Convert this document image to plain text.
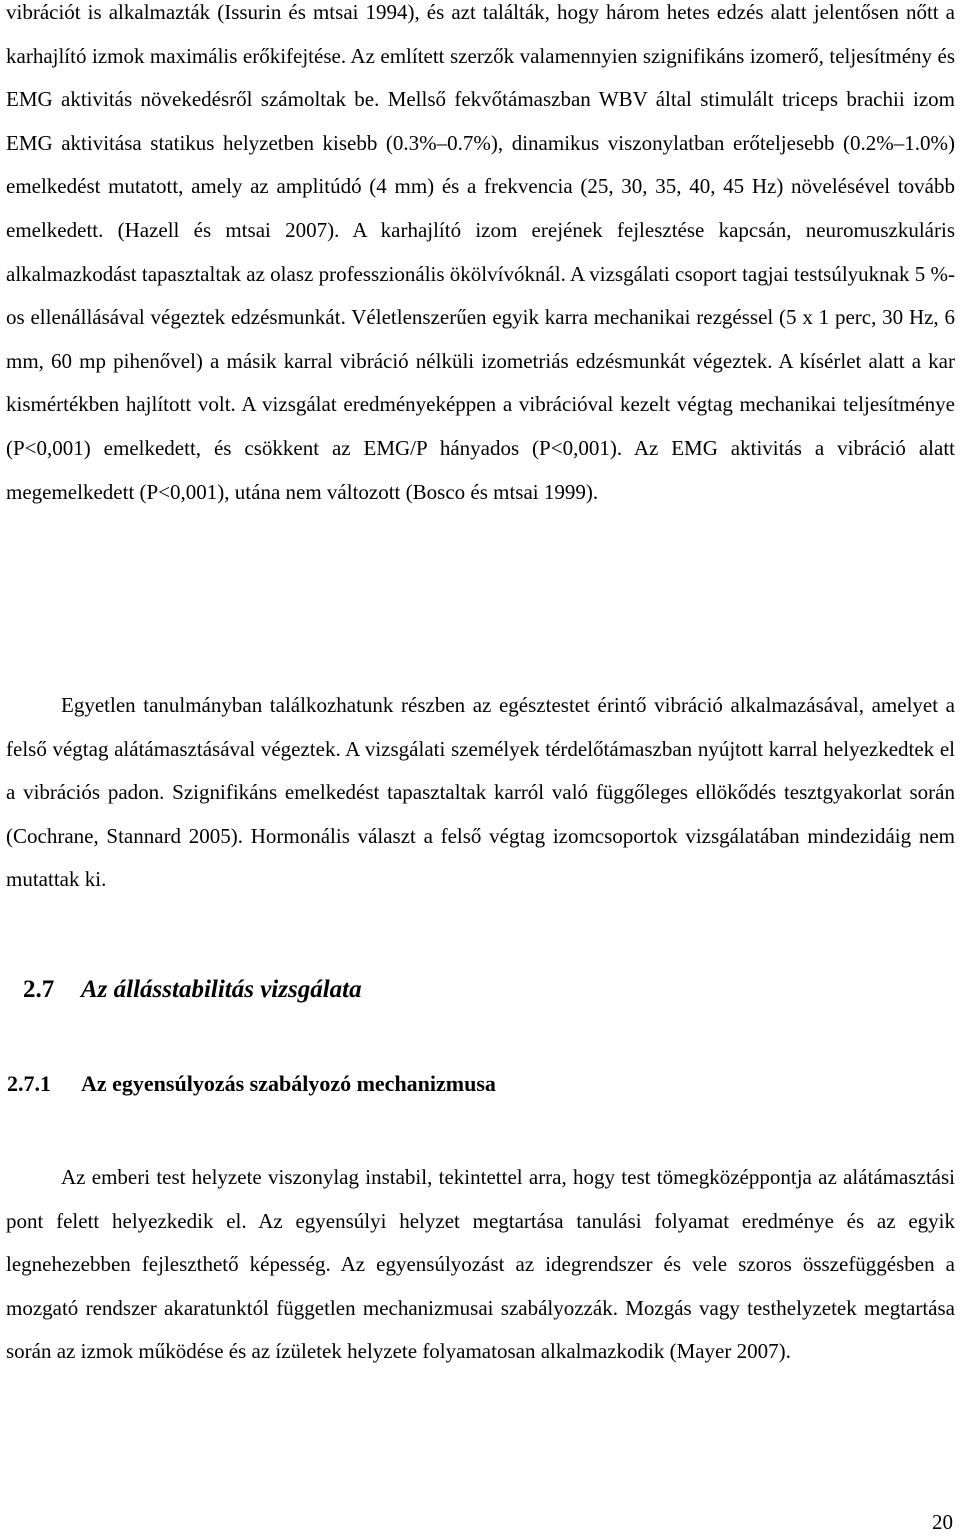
vibrációt is alkalmazták (Issurin és mtsai 1994), és azt találták, hogy három hetes edzés alatt jelentősen nőtt a karhajlító izmok maximális erőkifejtése. Az említett szerzők valamennyien szignifikáns izomerő, teljesítmény és EMG aktivitás növekedésről számoltak be. Mellső fekvőtámaszban WBV által stimulált triceps brachii izom EMG aktivitása statikus helyzetben kisebb (0.3%–0.7%), dinamikus viszonylatban erőteljesebb (0.2%–1.0%) emelkedést mutatott, amely az amplitúdó (4 mm) és a frekvencia (25, 30, 35, 40, 45 Hz) növelésével tovább emelkedett. (Hazell és mtsai 2007). A karhajlító izom erejének fejlesztése kapcsán, neuromuszkuláris alkalmazkodást tapasztaltak az olasz professzionális ökölvívóknál. A vizsgálati csoport tagjai testsúlyuknak 5 %-os ellenállásával végeztek edzésmunkát. Véletlenszerűen egyik karra mechanikai rezgéssel (5 x 1 perc, 30 Hz, 6 mm, 60 mp pihenővel) a másik karral vibráció nélküli izometriás edzésmunkát végeztek. A kísérlet alatt a kar kismértékben hajlított volt. A vizsgálat eredményeképpen a vibrációval kezelt végtag mechanikai teljesítménye (P<0,001) emelkedett, és csökkent az EMG/P hányados (P<0,001). Az EMG aktivitás a vibráció alatt megemelkedett (P<0,001), utána nem változott (Bosco és mtsai 1999).

Egyetlen tanulmányban találkozhatunk részben az egésztestet érintő vibráció alkalmazásával, amelyet a felső végtag alátámasztásával végeztek. A vizsgálati személyek térdelőtámaszban nyújtott karral helyezkedtek el a vibrációs padon. Szignifikáns emelkedést tapasztaltak karról való függőleges ellökődés tesztgyakorlat során (Cochrane, Stannard 2005). Hormonális választ a felső végtag izomcsoportok vizsgálatában mindezidáig nem mutattak ki.

2.7 Az állásstabilitás vizsgálata
2.7.1 Az egyensúlyozás szabályozó mechanizmusa

Az emberi test helyzete viszonylag instabil, tekintettel arra, hogy test tömegközéppontja az alátámasztási pont felett helyezkedik el. Az egyensúlyi helyzet megtartása tanulási folyamat eredménye és az egyik legnehezebben fejleszthető képesség. Az egyensúlyozást az idegrendszer és vele szoros összefüggésben a mozgató rendszer akaratunktól független mechanizmusai szabályozzák. Mozgás vagy testhelyzetek megtartása során az izmok működése és az ízületek helyzete folyamatosan alkalmazkodik (Mayer 2007).

20
